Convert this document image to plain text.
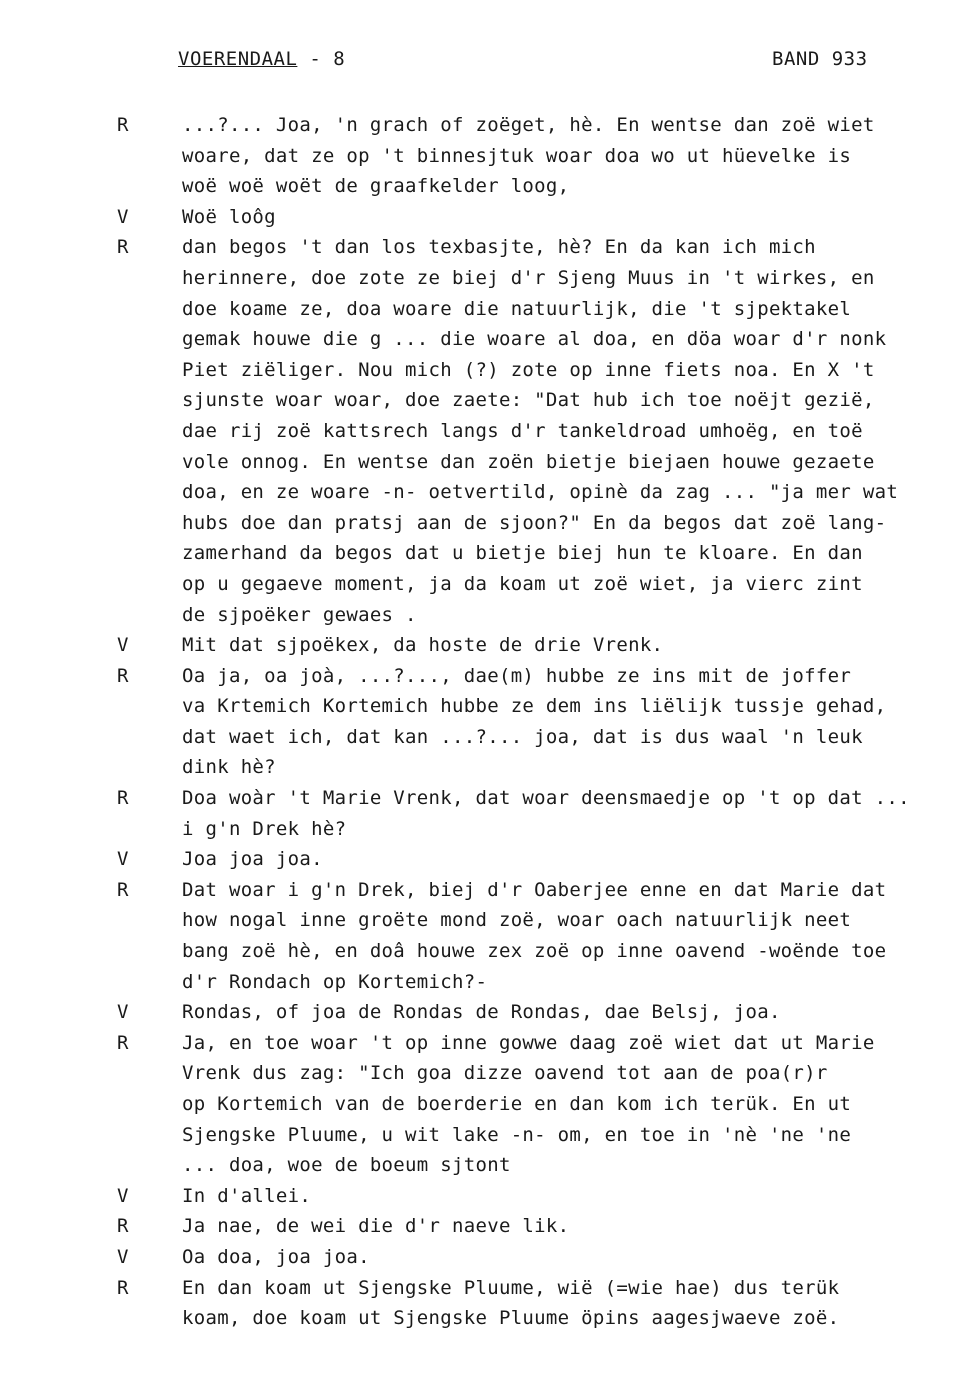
VOERENDAAL - 8	BAND 933
R	...?... Joa, 'n grach of zoëget, hè. En wentse dan zoë wiet
woare, dat ze op 't binnesjtuk woar doa wo ut hüevelke is
woë woë woët de graafkelder loog,
V	Woë loôg
R	dan begos 't dan los texbasjte, hè? En da kan ich mich
herinnere, doe zote ze biej d'r Sjeng Muus in 't wirkes, en
doe koame ze, doa woare die natuurlijk, die 't sjpektakel
gemak houwe die g ... die woare al doa, en döa woar d'r nonk
Piet ziëliger. Nou mich (?) zote op inne fiets noa. En X 't
sjunste woar woar, doe zaete: "Dat hub ich toe noëjt gezië,
dae rij zoë kattsrech langs d'r tankeldroad umhoëg, en toë
vole onnog. En wentse dan zoën bietje biejaen houwe gezaete
doa, en ze woare -n- oetvertild, opinè da zag ... "ja mer wat
hubs doe dan pratsj aan de sjoon?" En da begos dat zoë lang-
zamerhand da begos dat u bietje biej hun te kloare. En dan
op u gegaeve moment, ja da koam ut zoë wiet, ja vierc zint
de sjpoëker gewaes .
V	Mit dat sjpoëkex, da hoste de drie Vrenk.
R	Oa ja, oa joà, ...?..., dae(m) hubbe ze ins mit de joffer
va Krtemich Kortemich hubbe ze dem ins liëlijk tussje gehad,
dat waet ich, dat kan ...?... joa, dat is dus waal 'n leuk
dink hè?
R	Doa woàr 't Marie Vrenk, dat woar deensmaedje op 't op dat ...
i g'n Drek hè?
V	Joa joa joa.
R	Dat woar i g'n Drek, biej d'r Oaberjee enne en dat Marie dat
how nogal inne groëte mond zoë, woar oach natuurlijk neet
bang zoë hè, en doâ houwe zex zoë op inne oavend -woënde toe
d'r Rondach op Kortemich?-
V	Rondas, of joa de Rondas de Rondas, dae Belsj, joa.
R	Ja, en toe woar 't op inne gowwe daag zoë wiet dat ut Marie
Vrenk dus zag: "Ich goa dizze oavend tot aan de poa(r)r
op Kortemich van de boerderie en dan kom ich terük. En ut
Sjengske Pluume, u wit lake -n- om, en toe in 'nè 'ne 'ne
... doa, woe de boeum sjtont
V	In d'allei.
R	Ja nae, de wei die d'r naeve lik.
V	Oa doa, joa joa.
R	En dan koam ut Sjengske Pluume, wië (=wie hae) dus terük
koam, doe koam ut Sjengske Pluume öpins aagesjwaeve zoë.
